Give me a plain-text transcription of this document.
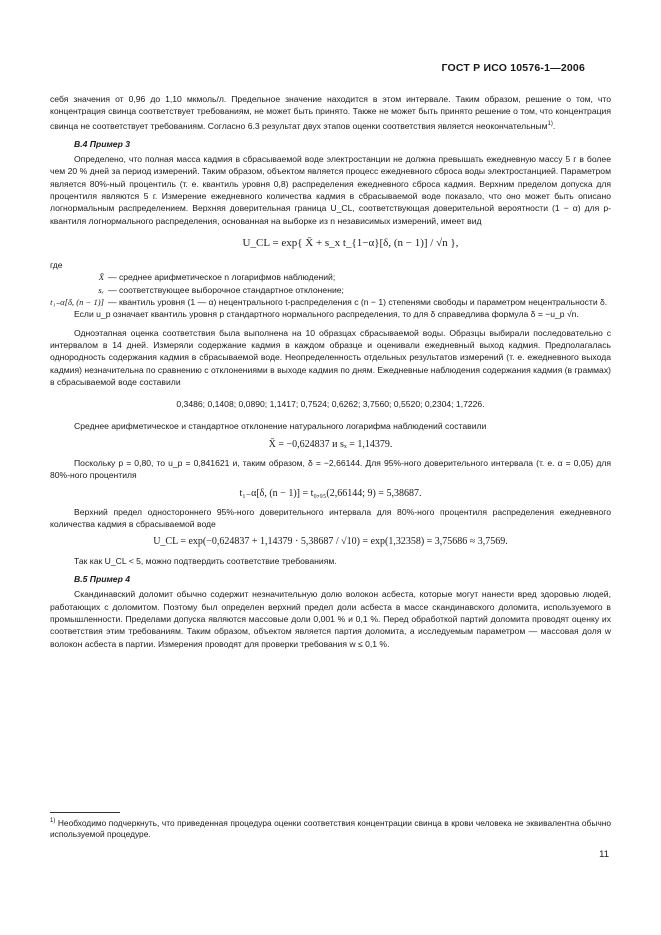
ГОСТ Р ИСО 10576-1—2006

себя значения от 0,96 до 1,10 мкмоль/л. Предельное значение находится в этом интервале. Таким образом, решение о том, что концентрация свинца соответствует требованиям, не может быть принято. Также не может быть принято решение о том, что концентрация свинца не соответствует требованиям. Согласно 6.3 результат двух этапов оценки соответствия является неокончательным$^{1)}$.

В.4 Пример 3

Определено, что полная масса кадмия в сбрасываемой воде электростанции не должна превышать ежедневную массу 5 г в более чем 20 % дней за период измерений. Таким образом, объектом является процесс ежедневного сброса воды электростанцией. Параметром является 80%-ный процентиль (т. е. квантиль уровня 0,8) распределения ежедневного сброса кадмия. Верхним пределом допуска для процентиля являются 5 г. Измерение ежедневного количества кадмия в сбрасываемой воде показало, что оно может быть описано логнормальным распределением. Верхняя доверительная граница U_CL, соответствующая доверительной вероятности (1 − α) для p-квантиля логнормального распределения, основанная на выборке из n независимых измерений, имеет вид

U_CL = exp{ X̄ + s_x t_{1−α}[δ, (n − 1)] / √n },
где
X̄ — среднее арифметическое n логарифмов наблюдений;
sₓ — соответствующее выборочное стандартное отклонение;
t₁₋α[δ, (n − 1)] — квантиль уровня (1 — α) нецентрального t-распределения с (n − 1) степенями свободы и параметром нецентральности δ.

Если u_p означает квантиль уровня p стандартного нормального распределения, то для δ справедлива формула δ = −u_p √n.

Одноэтапная оценка соответствия была выполнена на 10 образцах сбрасываемой воды. Образцы выбирали последовательно с интервалом в 14 дней. Измеряли содержание кадмия в каждом образце и оценивали ежедневный выход кадмия. Предполагалась однородность содержания кадмия в сбрасываемой воде. Неопределенность отдельных результатов измерений (т. е. ежедневного выхода кадмия) незначительна по сравнению с отклонениями в выходе кадмия по дням. Ежедневные наблюдения содержания кадмия (в граммах) в сбрасываемой воде составили

0,3486; 0,1408; 0,0890; 1,1417; 0,7524; 0,6262; 3,7560; 0,5520; 0,2304; 1,7226.

Среднее арифметическое и стандартное отклонение натурального логарифма наблюдений составили

X̄ = −0,624837 и sₓ = 1,14379.

Поскольку p = 0,80, то u_p = 0,841621 и, таким образом, δ = −2,66144. Для 95%-ного доверительного интервала (т. е. α = 0,05) для 80%-ного процентиля

t₁₋α[δ, (n − 1)] = t₀,₉₅(2,66144; 9) = 5,38687.

Верхний предел одностороннего 95%-ного доверительного интервала для 80%-ного процентиля распределения ежедневного количества кадмия в сбрасываемой воде

U_CL = exp(−0,624837 + 1,14379 · 5,38687 / √10) = exp(1,32358) = 3,75686 ≈ 3,7569.

Так как U_CL < 5, можно подтвердить соответствие требованиям.

В.5 Пример 4

Скандинавский доломит обычно содержит незначительную долю волокон асбеста, которые могут нанести вред здоровью людей, работающих с доломитом. Поэтому был определен верхний предел доли асбеста в массе скандинавского доломита, используемого в промышленности. Пределами допуска являются массовые доли 0,001 % и 0,1 %. Перед обработкой партий доломита проводят оценку их соответствия этим требованиям. Таким образом, объектом является партия доломита, а исследуемым параметром — массовая доля w волокон асбеста в партии. Измерения проводят для проверки требования w ≤ 0,1 %.

$^{1)}$ Необходимо подчеркнуть, что приведенная процедура оценки соответствия концентрации свинца в крови человека не эквивалентна обычно используемой процедуре.
11
